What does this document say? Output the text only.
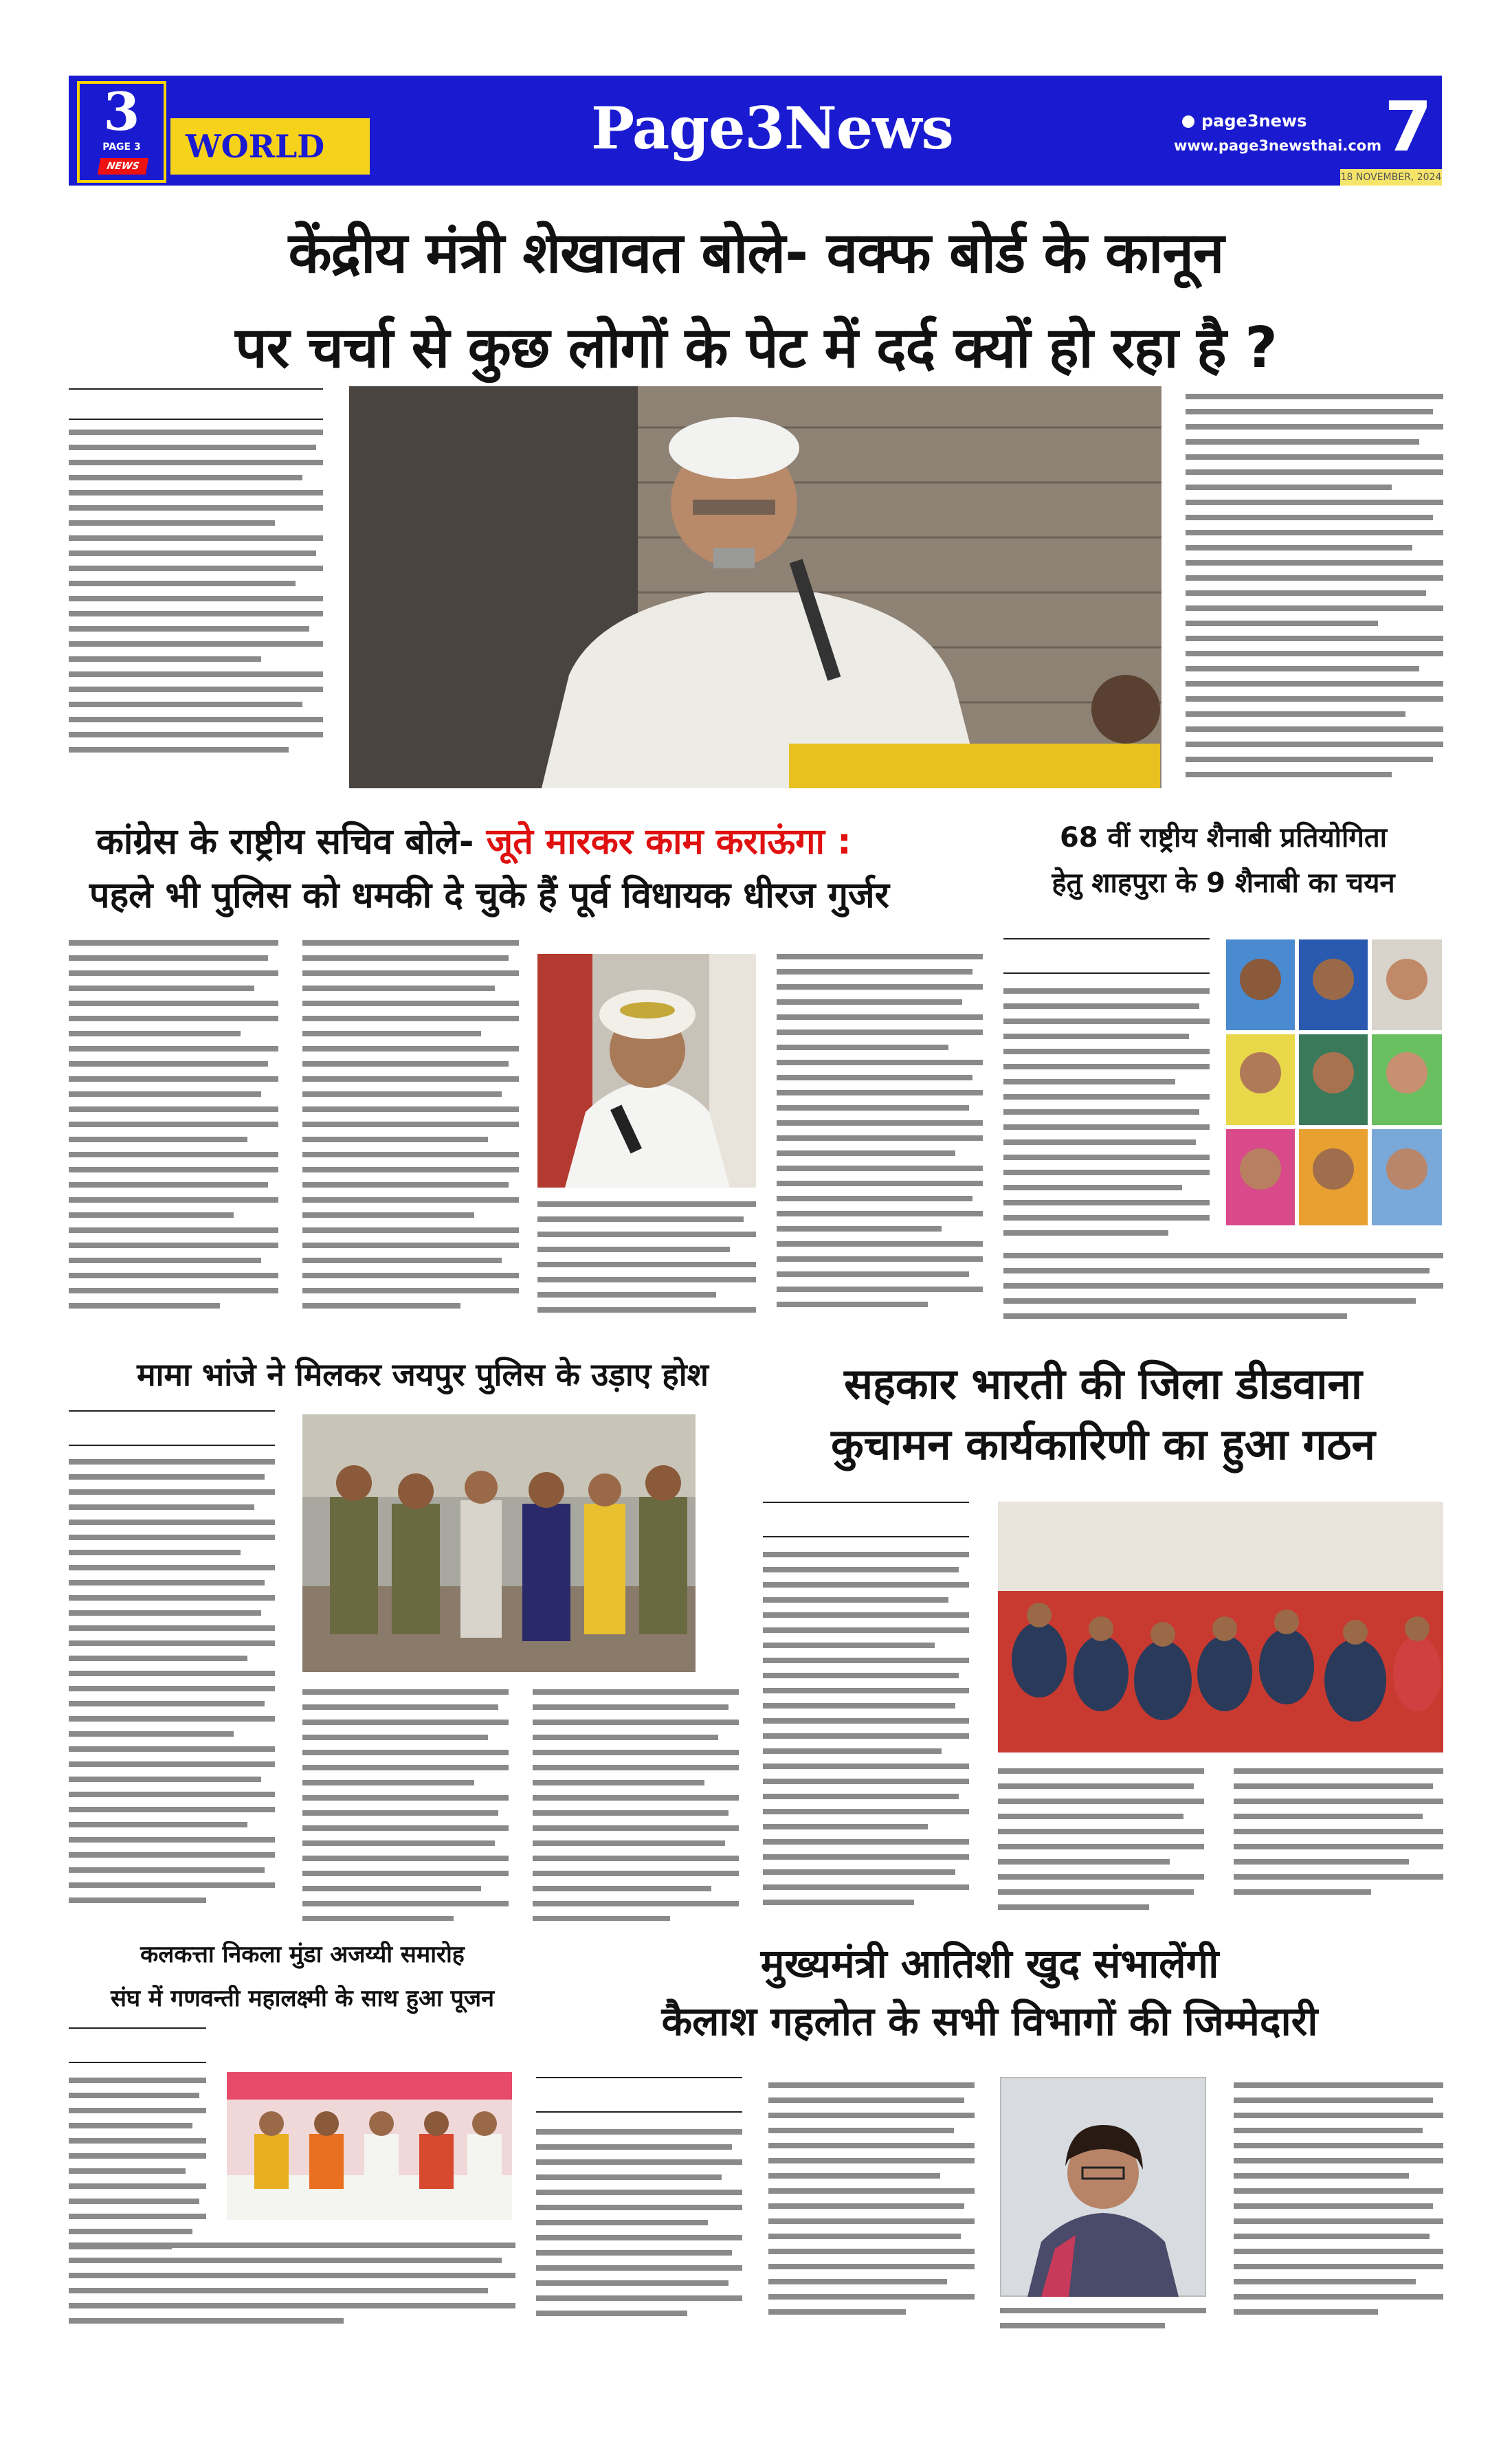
3
PAGE 3
NEWS
WORLD	Page3News	page3news
www.page3newsthai.com 7
18 NOVEMBER, 2024
केंद्रीय मंत्री शेखावत बोले- वक्फ बोर्ड के कानून
पर चर्चा से कुछ लोगों के पेट में दर्द क्यों हो रहा है ?
कांग्रेस के राष्ट्रीय सचिव बोले- जूते मारकर काम कराऊंगा :
पहले भी पुलिस को धमकी दे चुके हैं पूर्व विधायक धीरज गुर्जर
68 वीं राष्ट्रीय शैनाबी प्रतियोगिता
हेतु शाहपुरा के 9 शैनाबी का चयन
मामा भांजे ने मिलकर जयपुर पुलिस के उड़ाए होश	सहकार भारती की जिला डीडवाना
कुचामन कार्यकारिणी का हुआ गठन
कलकत्ता निकला मुंडा अजय्यी समारोह
संघ में गणवन्ती महालक्ष्मी के साथ हुआ पूजन
मुख्यमंत्री आतिशी खुद संभालेंगी
कैलाश गहलोत के सभी विभागों की जिम्मेदारी
